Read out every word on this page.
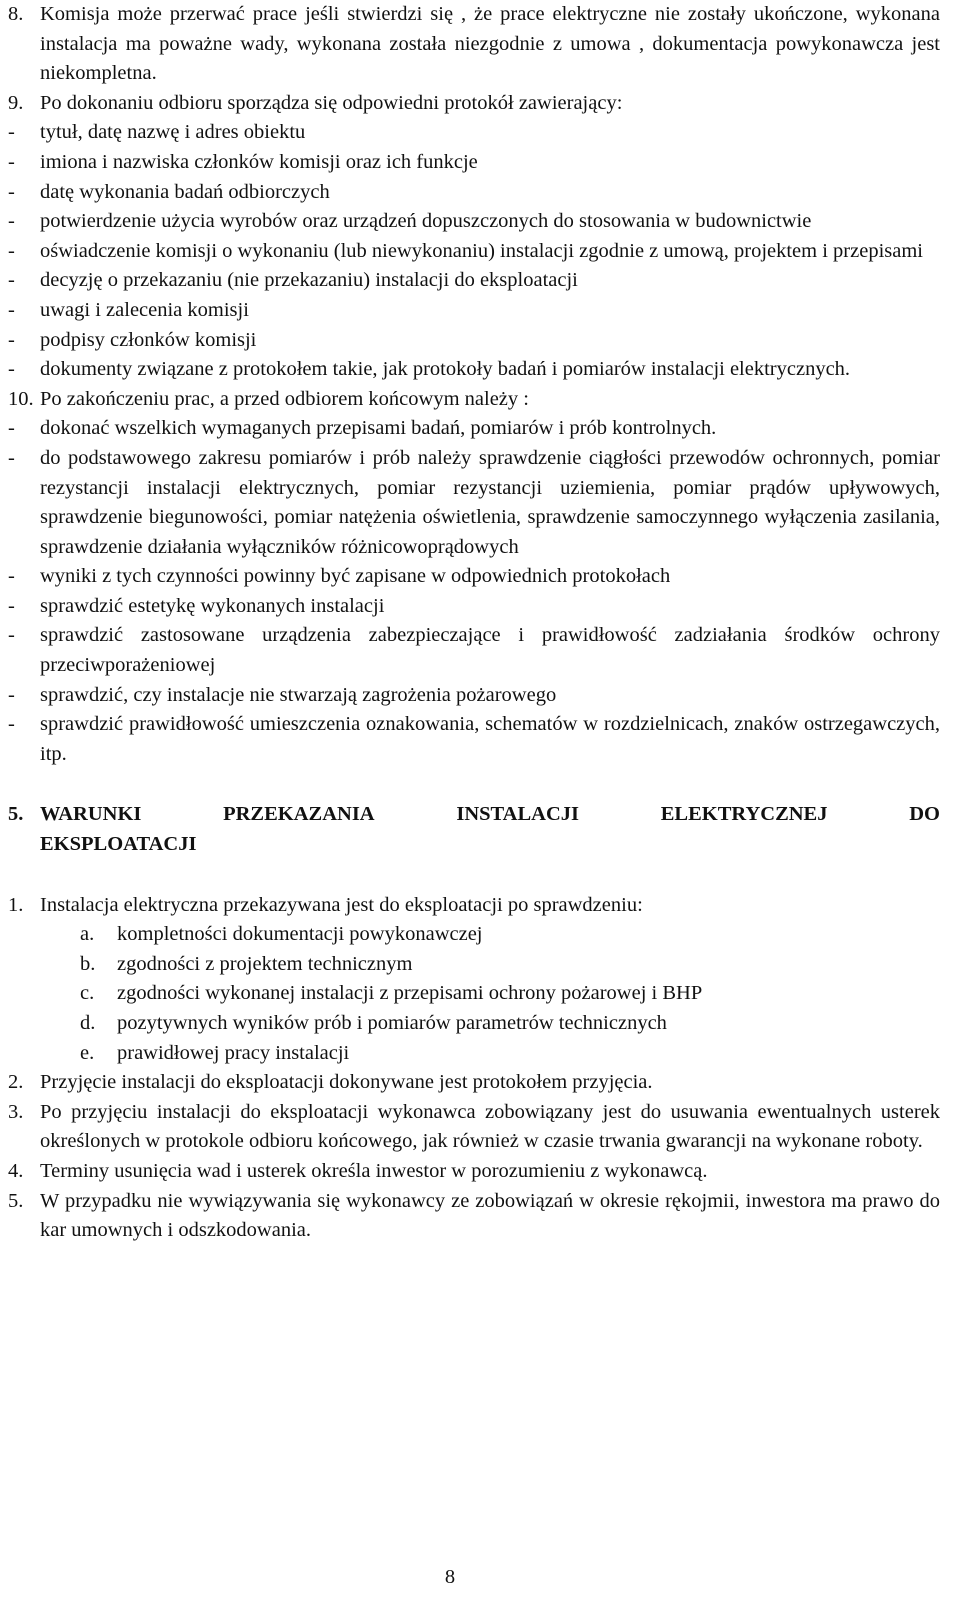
8. Komisja może przerwać prace jeśli stwierdzi się , że prace elektryczne nie zostały ukończone, wykonana instalacja ma poważne wady, wykonana została niezgodnie z umowa , dokumentacja powykonawcza jest niekompletna.
9. Po dokonaniu odbioru sporządza się odpowiedni protokół zawierający:
-	tytuł, datę nazwę i adres obiektu
-	imiona i nazwiska członków komisji oraz ich funkcje
-	datę wykonania badań odbiorczych
-	potwierdzenie użycia wyrobów oraz urządzeń dopuszczonych do stosowania w budownictwie
-	oświadczenie komisji o wykonaniu (lub niewykonaniu) instalacji zgodnie z umową, projektem i przepisami
-	decyzję o przekazaniu (nie przekazaniu) instalacji do eksploatacji
-	uwagi i zalecenia komisji
-	podpisy członków komisji
-	dokumenty związane z protokołem takie, jak protokoły badań i pomiarów instalacji elektrycznych.
10. Po zakończeniu prac, a przed odbiorem końcowym należy :
-	dokonać wszelkich wymaganych przepisami badań, pomiarów i prób kontrolnych.
-	do podstawowego zakresu pomiarów i prób należy sprawdzenie ciągłości przewodów ochronnych, pomiar rezystancji instalacji elektrycznych, pomiar rezystancji uziemienia, pomiar prądów upływowych, sprawdzenie biegunowości, pomiar natężenia oświetlenia, sprawdzenie samoczynnego wyłączenia zasilania, sprawdzenie działania wyłączników różnicowoprądowych
-	wyniki z tych czynności powinny być zapisane w odpowiednich protokołach
-	sprawdzić estetykę wykonanych instalacji
-	sprawdzić zastosowane urządzenia zabezpieczające i prawidłowość zadziałania środków ochrony przeciwporażeniowej
-	sprawdzić, czy instalacje nie stwarzają zagrożenia pożarowego
-	sprawdzić prawidłowość umieszczenia oznakowania, schematów w rozdzielnicach, znaków ostrzegawczych, itp.
5. WARUNKI	PRZEKAZANIA	INSTALACJI	ELEKTRYCZNEJ	DO
EKSPLOATACJI
1. Instalacja elektryczna przekazywana jest do eksploatacji po sprawdzeniu:
a.	kompletności dokumentacji powykonawczej
b.	zgodności z projektem technicznym
c.	zgodności wykonanej instalacji z przepisami ochrony pożarowej i BHP
d.	pozytywnych wyników prób i pomiarów parametrów technicznych
e.	prawidłowej pracy instalacji
2. Przyjęcie instalacji do eksploatacji dokonywane jest protokołem przyjęcia.
3. Po przyjęciu instalacji do eksploatacji wykonawca zobowiązany jest do usuwania ewentualnych usterek określonych w protokole odbioru końcowego, jak również w czasie trwania gwarancji na wykonane roboty.
4. Terminy usunięcia wad i usterek określa inwestor w porozumieniu z wykonawcą.
5. W przypadku nie wywiązywania się wykonawcy ze zobowiązań w okresie rękojmii, inwestora ma prawo do kar umownych i odszkodowania.
8
